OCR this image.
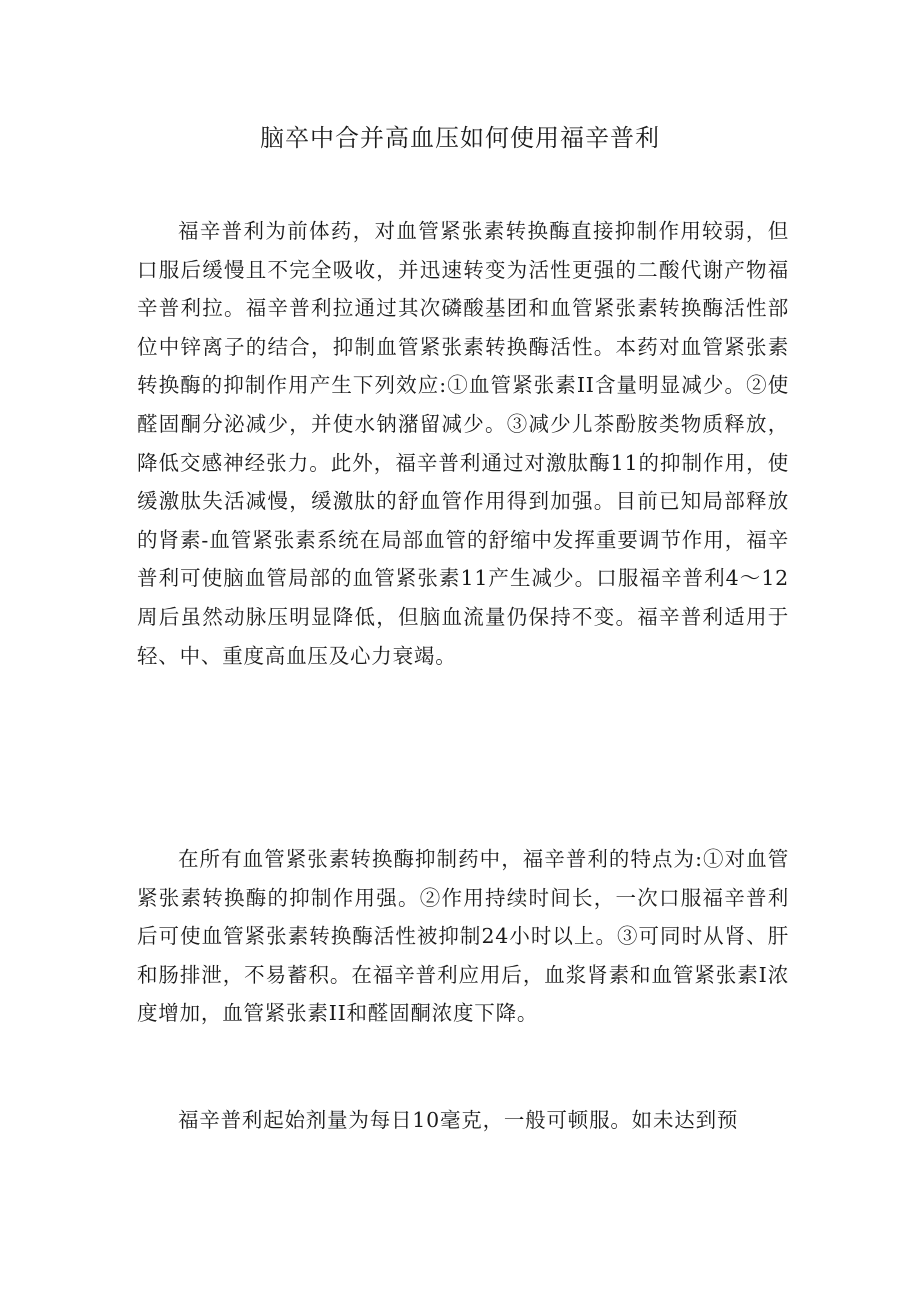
脑卒中合并高血压如何使用福辛普利

福辛普利为前体药，对血管紧张素转换酶直接抑制作用较弱，但口服后缓慢且不完全吸收，并迅速转变为活性更强的二酸代谢产物福辛普利拉。福辛普利拉通过其次磷酸基团和血管紧张素转换酶活性部位中锌离子的结合，抑制血管紧张素转换酶活性。本药对血管紧张素转换酶的抑制作用产生下列效应:①血管紧张素II含量明显减少。②使醛固酮分泌减少，并使水钠潴留减少。③减少儿茶酚胺类物质释放，降低交感神经张力。此外，福辛普利通过对激肽酶11的抑制作用，使缓激肽失活减慢，缓激肽的舒血管作用得到加强。目前已知局部释放的肾素-血管紧张素系统在局部血管的舒缩中发挥重要调节作用，福辛普利可使脑血管局部的血管紧张素11产生减少。口服福辛普利4～12周后虽然动脉压明显降低，但脑血流量仍保持不变。福辛普利适用于轻、中、重度高血压及心力衰竭。

在所有血管紧张素转换酶抑制药中，福辛普利的特点为:①对血管紧张素转换酶的抑制作用强。②作用持续时间长，一次口服福辛普利后可使血管紧张素转换酶活性被抑制24小时以上。③可同时从肾、肝和肠排泄，不易蓄积。在福辛普利应用后，血浆肾素和血管紧张素I浓度增加，血管紧张素II和醛固酮浓度下降。

福辛普利起始剂量为每日10毫克，一般可顿服。如未达到预
